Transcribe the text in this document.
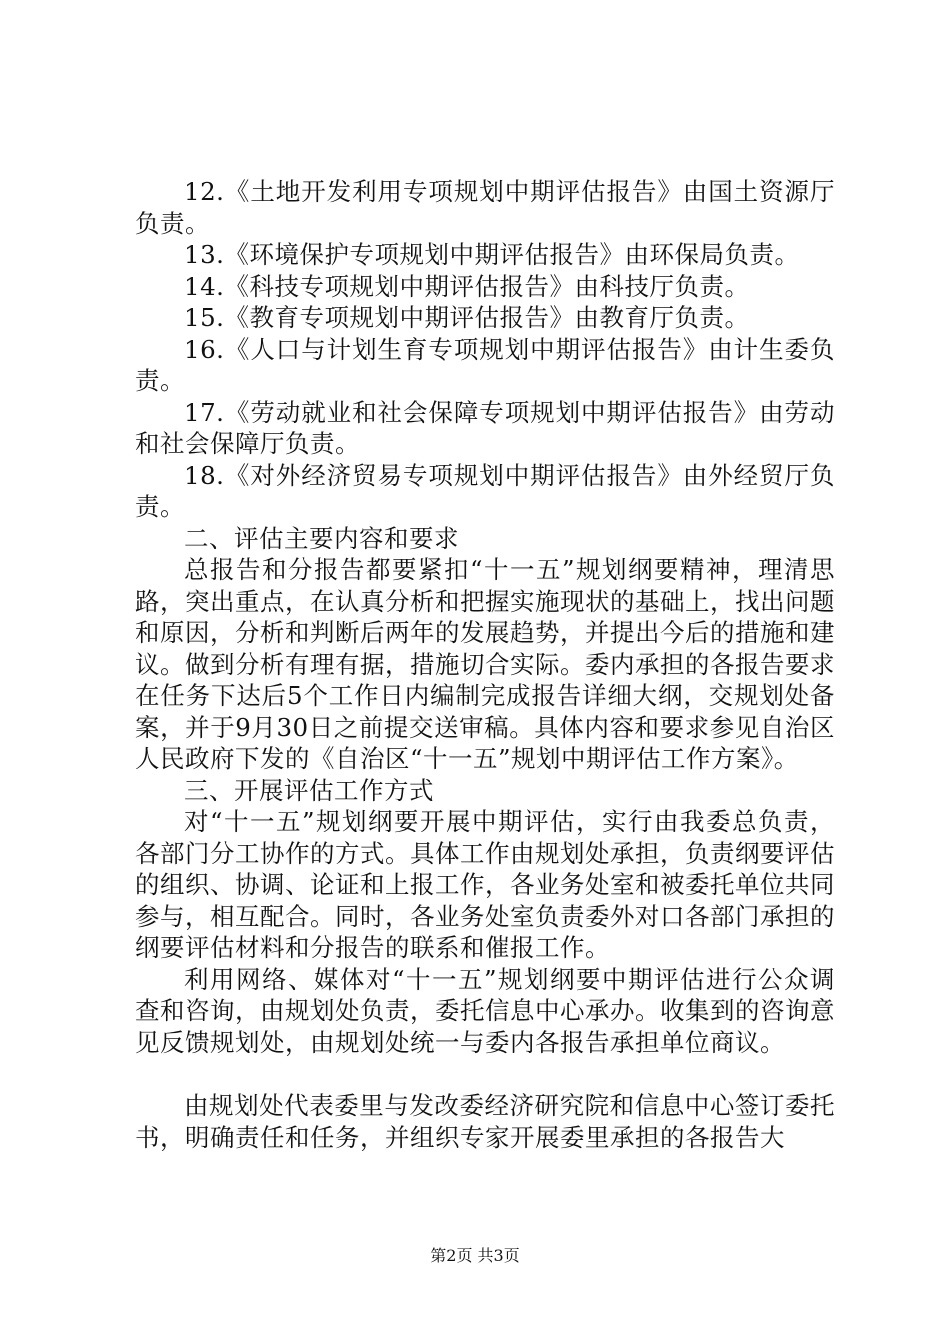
12.《土地开发利用专项规划中期评估报告》由国土资源厅负责。

13.《环境保护专项规划中期评估报告》由环保局负责。

14.《科技专项规划中期评估报告》由科技厅负责。

15.《教育专项规划中期评估报告》由教育厅负责。

16.《人口与计划生育专项规划中期评估报告》由计生委负责。

17.《劳动就业和社会保障专项规划中期评估报告》由劳动和社会保障厅负责。

18.《对外经济贸易专项规划中期评估报告》由外经贸厅负责。

二、评估主要内容和要求

总报告和分报告都要紧扣“十一五”规划纲要精神，理清思路，突出重点，在认真分析和把握实施现状的基础上，找出问题和原因，分析和判断后两年的发展趋势，并提出今后的措施和建议。做到分析有理有据，措施切合实际。委内承担的各报告要求在任务下达后5个工作日内编制完成报告详细大纲，交规划处备案，并于9月30日之前提交送审稿。具体内容和要求参见自治区人民政府下发的《自治区“十一五”规划中期评估工作方案》。

三、开展评估工作方式

对“十一五”规划纲要开展中期评估，实行由我委总负责，各部门分工协作的方式。具体工作由规划处承担，负责纲要评估的组织、协调、论证和上报工作，各业务处室和被委托单位共同参与，相互配合。同时，各业务处室负责委外对口各部门承担的纲要评估材料和分报告的联系和催报工作。

利用网络、媒体对“十一五”规划纲要中期评估进行公众调查和咨询，由规划处负责，委托信息中心承办。收集到的咨询意见反馈规划处，由规划处统一与委内各报告承担单位商议。

由规划处代表委里与发改委经济研究院和信息中心签订委托书，明确责任和任务，并组织专家开展委里承担的各报告大

第2页 共3页
